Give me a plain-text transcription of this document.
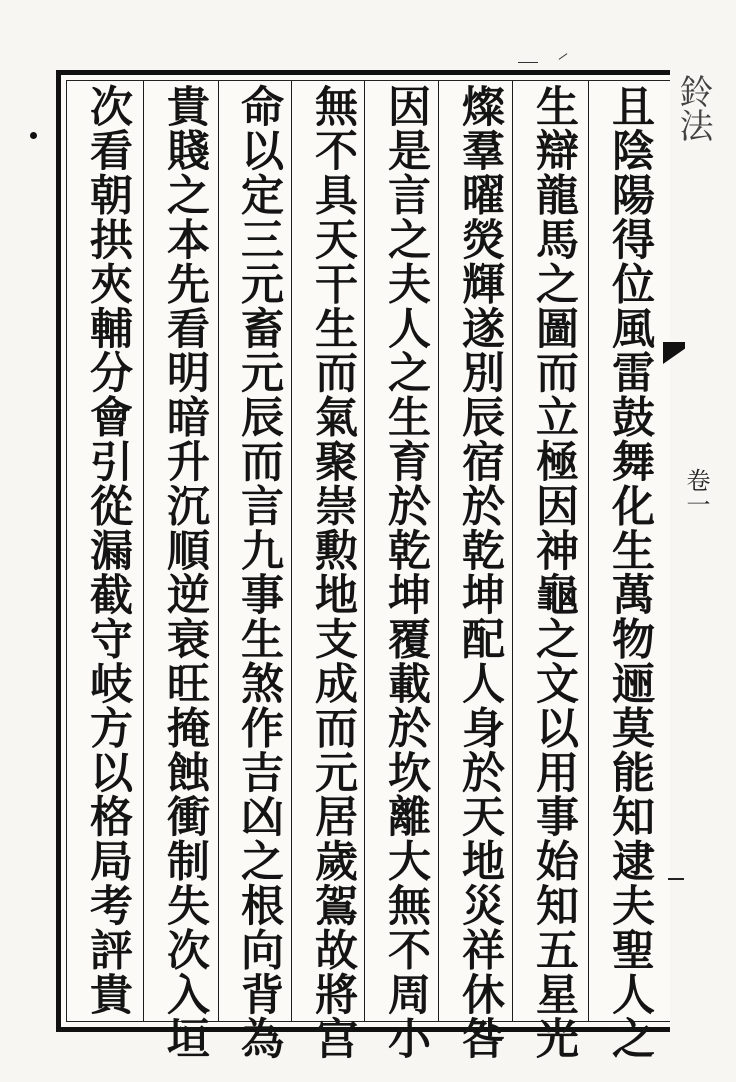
且陰陽得位風雷鼓舞化生萬物逦莫能知逮夫聖人之
生辯龍馬之圖而立極因神龜之文以用事始知五星光
燦羣曜熒輝遂別辰宿於乾坤配人身於天地災祥休咎
因是言之夫人之生育於乾坤覆載於坎離大無不周小
無不具天干生而氣聚崇勲地支成而元居歲鴐故將宫
命以定三元畜元辰而言九事生煞作吉凶之根向背為
貴賤之本先看明暗升沉順逆衰旺掩蝕衝制失次入垣
次看朝拱夾輔分會引從漏截守岐方以格局考評貴	鈴法
卷一
